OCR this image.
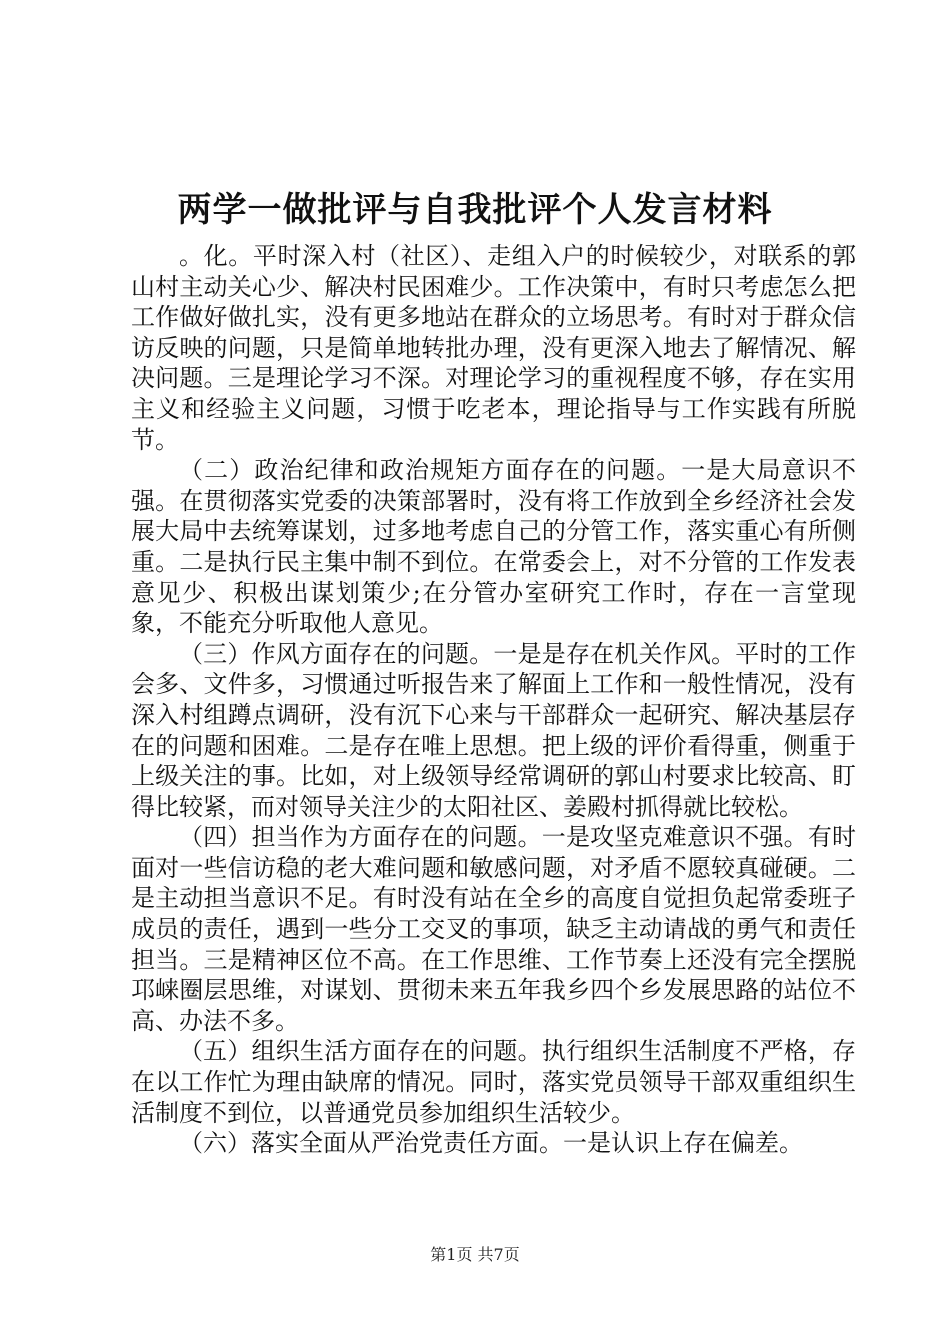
两学一做批评与自我批评个人发言材料

。化。平时深入村（社区）、走组入户的时候较少，对联系的郭山村主动关心少、解决村民困难少。工作决策中，有时只考虑怎么把工作做好做扎实，没有更多地站在群众的立场思考。有时对于群众信访反映的问题，只是简单地转批办理，没有更深入地去了解情况、解决问题。三是理论学习不深。对理论学习的重视程度不够，存在实用主义和经验主义问题，习惯于吃老本，理论指导与工作实践有所脱节。

（二）政治纪律和政治规矩方面存在的问题。一是大局意识不强。在贯彻落实党委的决策部署时，没有将工作放到全乡经济社会发展大局中去统筹谋划，过多地考虑自己的分管工作，落实重心有所侧重。二是执行民主集中制不到位。在常委会上，对不分管的工作发表意见少、积极出谋划策少;在分管办室研究工作时，存在一言堂现象，不能充分听取他人意见。

（三）作风方面存在的问题。一是是存在机关作风。平时的工作会多、文件多，习惯通过听报告来了解面上工作和一般性情况，没有深入村组蹲点调研，没有沉下心来与干部群众一起研究、解决基层存在的问题和困难。二是存在唯上思想。把上级的评价看得重，侧重于上级关注的事。比如，对上级领导经常调研的郭山村要求比较高、盯得比较紧，而对领导关注少的太阳社区、姜殿村抓得就比较松。

（四）担当作为方面存在的问题。一是攻坚克难意识不强。有时面对一些信访稳的老大难问题和敏感问题，对矛盾不愿较真碰硬。二是主动担当意识不足。有时没有站在全乡的高度自觉担负起常委班子成员的责任，遇到一些分工交叉的事项，缺乏主动请战的勇气和责任担当。三是精神区位不高。在工作思维、工作节奏上还没有完全摆脱邛崃圈层思维，对谋划、贯彻未来五年我乡四个乡发展思路的站位不高、办法不多。

（五）组织生活方面存在的问题。执行组织生活制度不严格，存在以工作忙为理由缺席的情况。同时，落实党员领导干部双重组织生活制度不到位，以普通党员参加组织生活较少。

（六）落实全面从严治党责任方面。一是认识上存在偏差。

第1页 共7页
